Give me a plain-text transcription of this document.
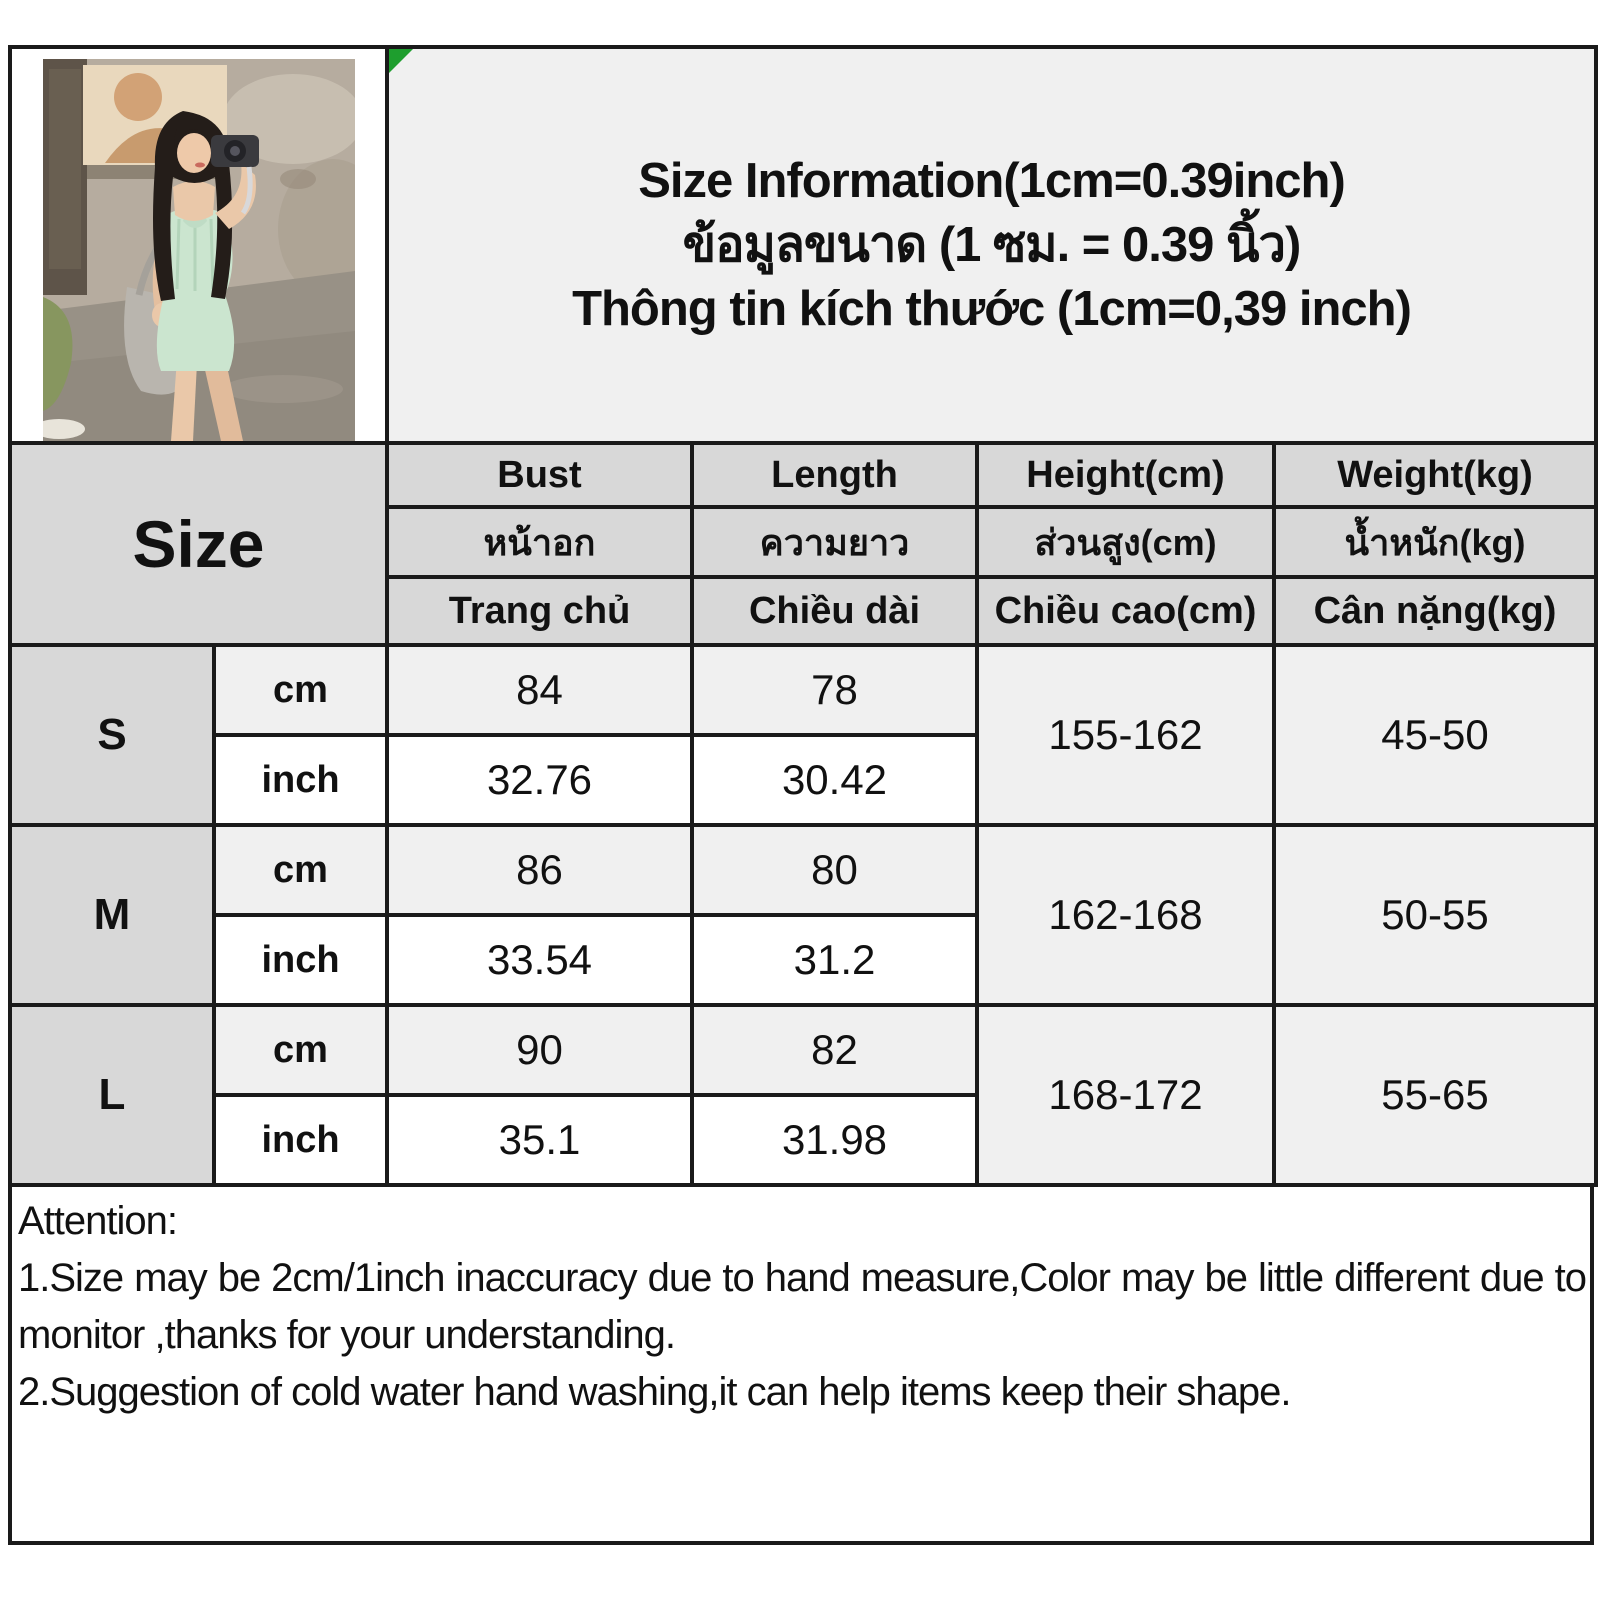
Size Information(1cm=0.39inch)
ข้อมูลขนาด (1 ซม. = 0.39 นิ้ว)
Thông tin kích thước (1cm=0,39 inch)			

Size		Bust	Length	Height(cm)	Weight(kg)
		หน้าอก	ความยาว	ส่วนสูง(cm)	น้ำหนัก(kg)
		Trang chủ	Chiều dài	Chiều cao(cm)	Cân nặng(kg)
S	cm	84	78	155-162	45-50
	inch	32.76	30.42		
M	cm	86	80	162-168	50-55
	inch	33.54	31.2		
L	cm	90	82	168-172	55-65
	inch	35.1	31.98		

Attention:

1.Size may be 2cm/1inch inaccuracy due to hand measure,Color may be little different due to monitor ,thanks for your understanding.

2.Suggestion of cold water hand washing,it can help items keep their shape.
